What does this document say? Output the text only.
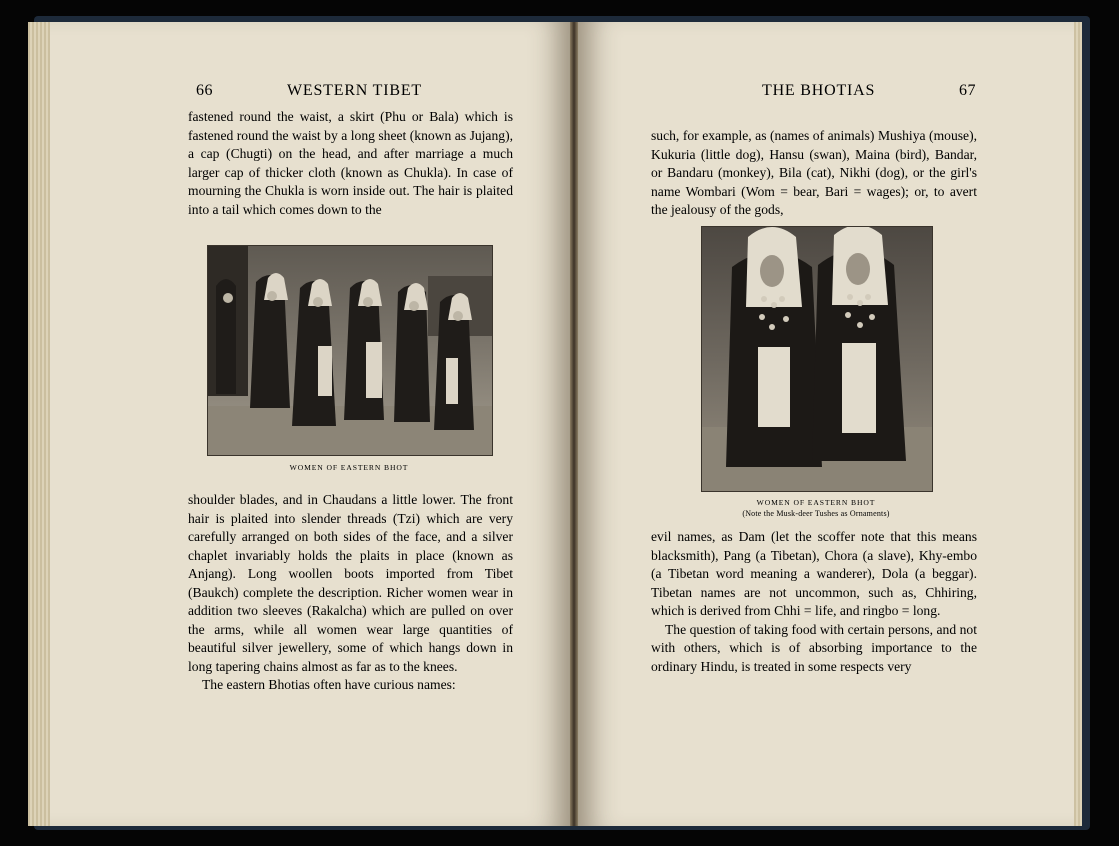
66	WESTERN TIBET

fastened round the waist, a skirt (Phu or Bala) which is fastened round the waist by a long sheet (known as Jujang), a cap (Chugti) on the head, and after marriage a much larger cap of thicker cloth (known as Chukla). In case of mourning the Chukla is worn inside out. The hair is plaited into a tail which comes down to the

WOMEN OF EASTERN BHOT

shoulder blades, and in Chaudans a little lower. The front hair is plaited into slender threads (Tzi) which are very carefully arranged on both sides of the face, and a silver chaplet invariably holds the plaits in place (known as Anjang). Long woollen boots imported from Tibet (Baukch) complete the description. Richer women wear in addition two sleeves (Rakalcha) which are pulled on over the arms, while all women wear large quantities of beautiful silver jewellery, some of which hangs down in long tapering chains almost as far as to the knees.

The eastern Bhotias often have curious names:

THE BHOTIAS	67

such, for example, as (names of animals) Mushiya (mouse), Kukuria (little dog), Hansu (swan), Maina (bird), Bandar, or Bandaru (monkey), Bila (cat), Nikhi (dog), or the girl's name Wombari (Wom = bear, Bari = wages); or, to avert the jealousy of the gods,

WOMEN OF EASTERN BHOT
(Note the Musk-deer Tushes as Ornaments)

evil names, as Dam (let the scoffer note that this means blacksmith), Pang (a Tibetan), Chora (a slave), Khy-embo (a Tibetan word meaning a wanderer), Dola (a beggar). Tibetan names are not uncommon, such as, Chhiring, which is derived from Chhi = life, and ringbo = long.

The question of taking food with certain persons, and not with others, which is of absorbing importance to the ordinary Hindu, is treated in some respects very
